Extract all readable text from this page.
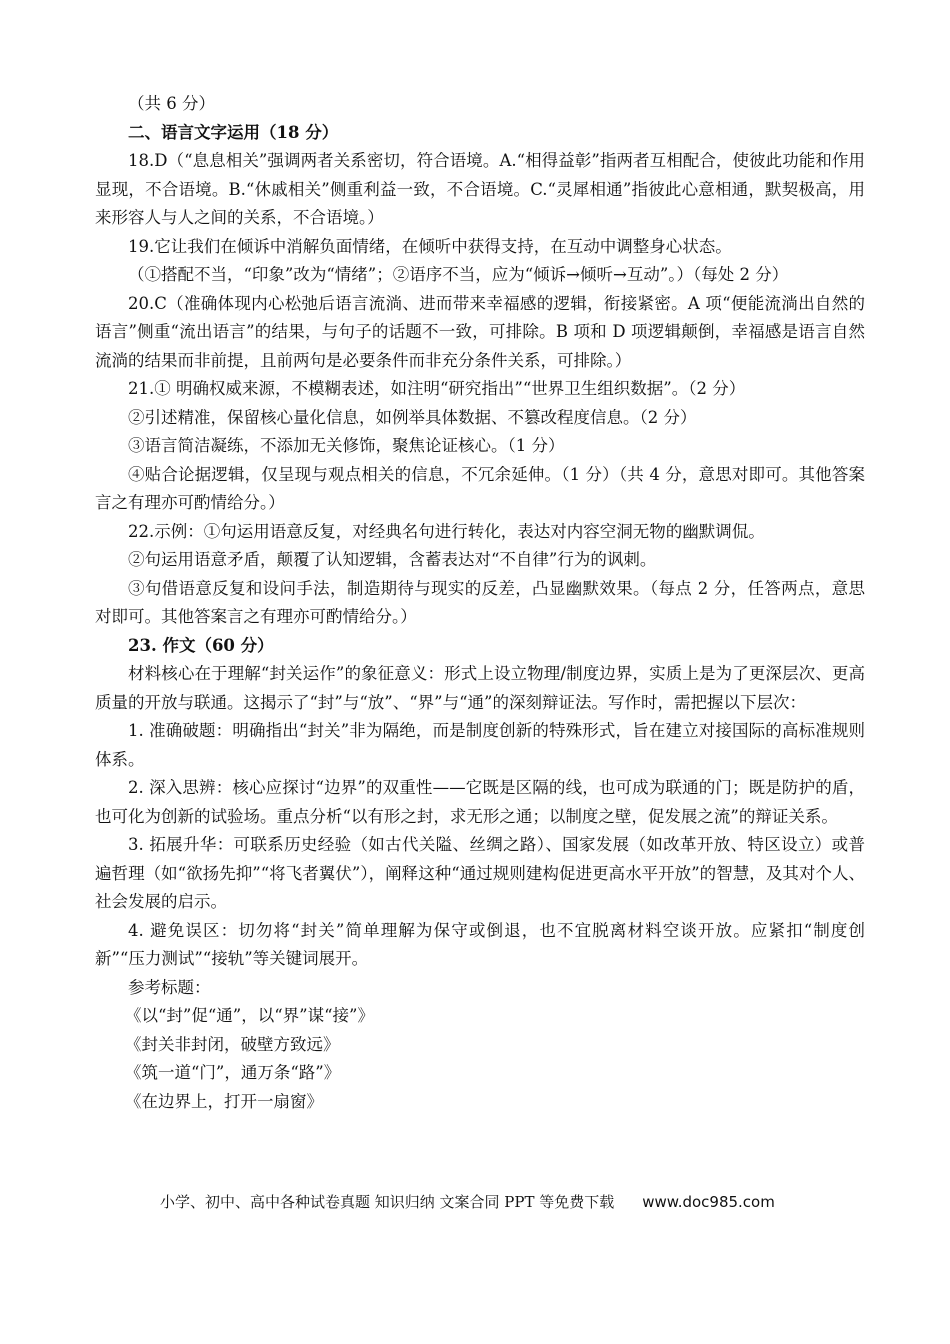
（共 6 分）

二、语言文字运用（18 分）

18.D（“息息相关”强调两者关系密切，符合语境。A.“相得益彰”指两者互相配合，使彼此功能和作用显现，不合语境。B.“休戚相关”侧重利益一致，不合语境。C.“灵犀相通”指彼此心意相通，默契极高，用来形容人与人之间的关系，不合语境。）

19.它让我们在倾诉中消解负面情绪，在倾听中获得支持，在互动中调整身心状态。

（①搭配不当，“印象”改为“情绪”；②语序不当，应为“倾诉→倾听→互动”。）（每处 2 分）

20.C（准确体现内心松弛后语言流淌、进而带来幸福感的逻辑，衔接紧密。A 项“便能流淌出自然的语言”侧重“流出语言”的结果，与句子的话题不一致，可排除。B 项和 D 项逻辑颠倒，幸福感是语言自然流淌的结果而非前提，且前两句是必要条件而非充分条件关系，可排除。）

21.① 明确权威来源，不模糊表述，如注明“研究指出”“世界卫生组织数据”。（2 分）

②引述精准，保留核心量化信息，如例举具体数据、不篡改程度信息。（2 分）

③语言简洁凝练，不添加无关修饰，聚焦论证核心。（1 分）

④贴合论据逻辑，仅呈现与观点相关的信息，不冗余延伸。（1 分）（共 4 分，意思对即可。其他答案言之有理亦可酌情给分。）

22.示例：①句运用语意反复，对经典名句进行转化，表达对内容空洞无物的幽默调侃。

②句运用语意矛盾，颠覆了认知逻辑，含蓄表达对“不自律”行为的讽刺。

③句借语意反复和设问手法，制造期待与现实的反差，凸显幽默效果。（每点 2 分，任答两点，意思对即可。其他答案言之有理亦可酌情给分。）

23. 作文（60 分）

材料核心在于理解“封关运作”的象征意义：形式上设立物理/制度边界，实质上是为了更深层次、更高质量的开放与联通。这揭示了“封”与“放”、“界”与“通”的深刻辩证法。写作时，需把握以下层次：

1. 准确破题：明确指出“封关”非为隔绝，而是制度创新的特殊形式，旨在建立对接国际的高标准规则体系。

2. 深入思辨：核心应探讨“边界”的双重性——它既是区隔的线，也可成为联通的门；既是防护的盾，也可化为创新的试验场。重点分析“以有形之封，求无形之通；以制度之壁，促发展之流”的辩证关系。

3. 拓展升华：可联系历史经验（如古代关隘、丝绸之路）、国家发展（如改革开放、特区设立）或普遍哲理（如“欲扬先抑”“将飞者翼伏”），阐释这种“通过规则建构促进更高水平开放”的智慧，及其对个人、社会发展的启示。

4. 避免误区：切勿将“封关”简单理解为保守或倒退，也不宜脱离材料空谈开放。应紧扣“制度创新”“压力测试”“接轨”等关键词展开。

参考标题：

《以“封”促“通”，以“界”谋“接”》

《封关非封闭，破壁方致远》

《筑一道“门”，通万条“路”》

《在边界上，打开一扇窗》

小学、初中、高中各种试卷真题 知识归纳 文案合同 PPT 等免费下载 www.doc985.com
